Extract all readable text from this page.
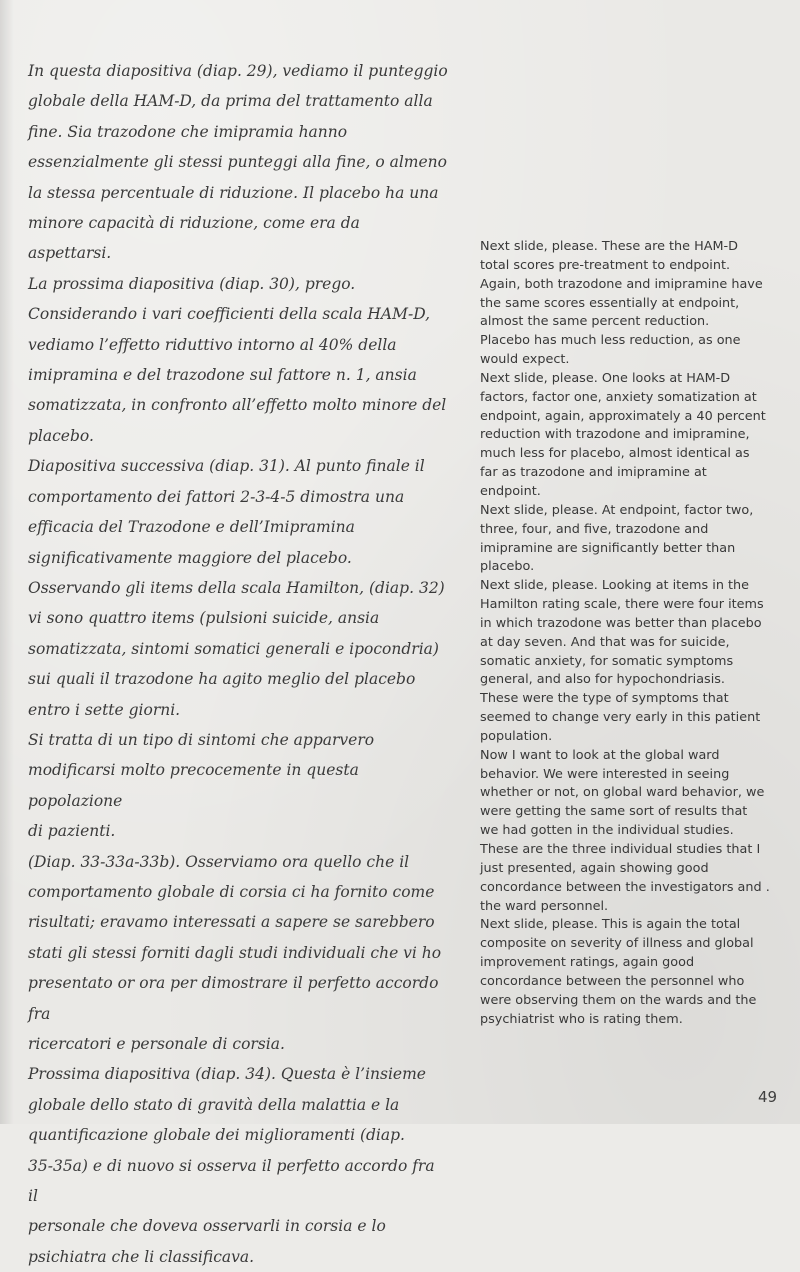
In questa diapositiva (diap. 29), vediamo il punteggio
globale della HAM-D, da prima del trattamento alla
fine. Sia trazodone che imipramia hanno
essenzialmente gli stessi punteggi alla fine, o almeno
la stessa percentuale di riduzione. Il placebo ha una
minore capacità di riduzione, come era da aspettarsi.

La prossima diapositiva (diap. 30), prego.
Considerando i vari coefficienti della scala HAM-D,
vediamo l’effetto riduttivo intorno al 40% della
imipramina e del trazodone sul fattore n. 1, ansia
somatizzata, in confronto all’effetto molto minore del
placebo.

Diapositiva successiva (diap. 31). Al punto finale il
comportamento dei fattori 2-3-4-5 dimostra una
efficacia del Trazodone e dell’Imipramina
significativamente maggiore del placebo.

Osservando gli items della scala Hamilton, (diap. 32)
vi sono quattro items (pulsioni suicide, ansia
somatizzata, sintomi somatici generali e ipocondria)
sui quali il trazodone ha agito meglio del placebo
entro i sette giorni.

Si tratta di un tipo di sintomi che apparvero
modificarsi molto precocemente in questa popolazione
di pazienti.

(Diap. 33-33a-33b). Osserviamo ora quello che il
comportamento globale di corsia ci ha fornito come
risultati; eravamo interessati a sapere se sarebbero
stati gli stessi forniti dagli studi individuali che vi ho
presentato or ora per dimostrare il perfetto accordo fra
ricercatori e personale di corsia.

Prossima diapositiva (diap. 34). Questa è l’insieme
globale dello stato di gravità della malattia e la
quantificazione globale dei miglioramenti (diap.
35-35a) e di nuovo si osserva il perfetto accordo fra il
personale che doveva osservarli in corsia e lo
psichiatra che li classificava.

Next slide, please. These are the HAM-D
total scores pre-treatment to endpoint.
Again, both trazodone and imipramine have
the same scores essentially at endpoint,
almost the same percent reduction.
Placebo has much less reduction, as one
would expect.

Next slide, please. One looks at HAM-D
factors, factor one, anxiety somatization at
endpoint, again, approximately a 40 percent
reduction with trazodone and imipramine,
much less for placebo, almost identical as
far as trazodone and imipramine at
endpoint.

Next slide, please. At endpoint, factor two,
three, four, and five, trazodone and
imipramine are significantly better than
placebo.

Next slide, please. Looking at items in the
Hamilton rating scale, there were four items
in which trazodone was better than placebo
at day seven. And that was for suicide,
somatic anxiety, for somatic symptoms
general, and also for hypochondriasis.
These were the type of symptoms that
seemed to change very early in this patient
population.

Now I want to look at the global ward
behavior. We were interested in seeing
whether or not, on global ward behavior, we
were getting the same sort of results that
we had gotten in the individual studies.
These are the three individual studies that I
just presented, again showing good
concordance between the investigators and .
the ward personnel.

Next slide, please. This is again the total
composite on severity of illness and global
improvement ratings, again good
concordance between the personnel who
were observing them on the wards and the
psychiatrist who is rating them.

49
